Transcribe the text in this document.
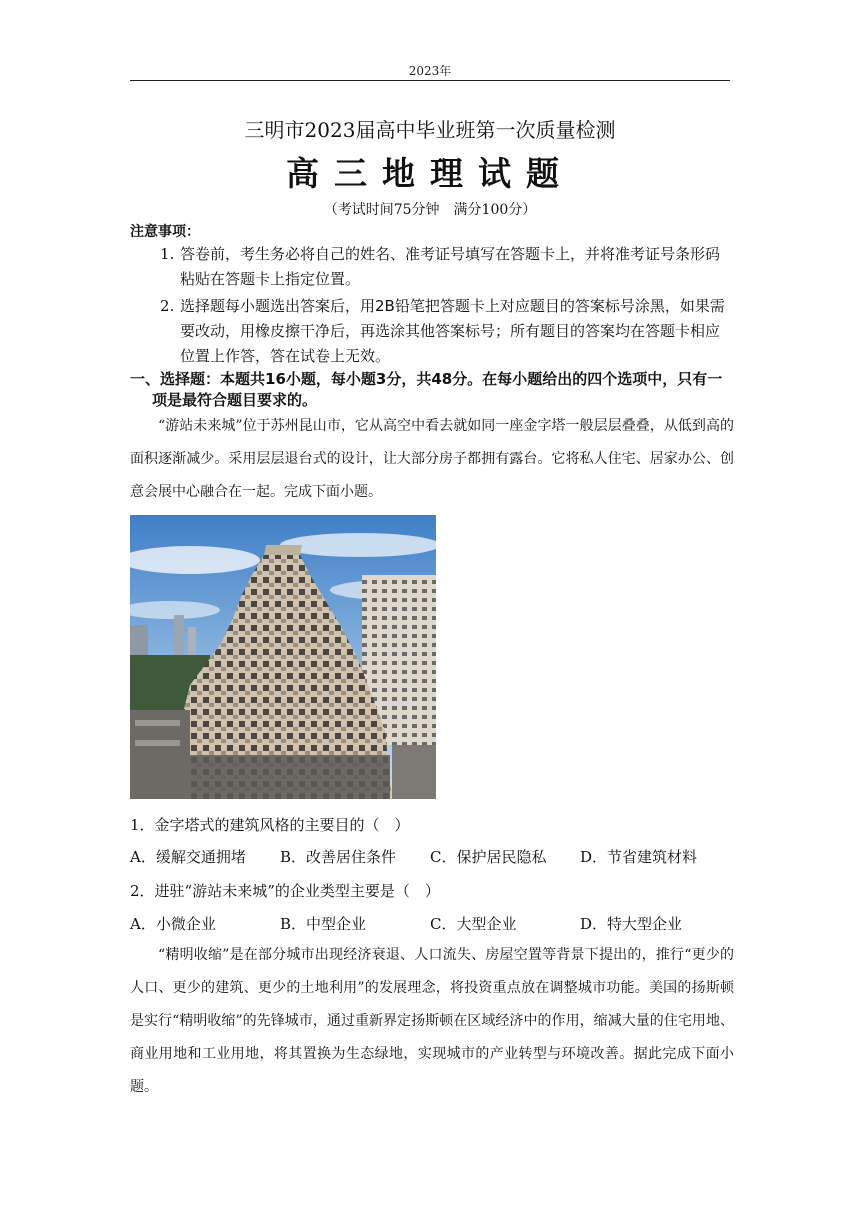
2023年
三明市2023届高中毕业班第一次质量检测
高三地理试题
（考试时间75分钟　满分100分）
注意事项：
1. 答卷前，考生务必将自己的姓名、准考证号填写在答题卡上，并将准考证号条形码粘贴在答题卡上指定位置。
2. 选择题每小题选出答案后，用2B铅笔把答题卡上对应题目的答案标号涂黑，如果需要改动，用橡皮擦干净后，再选涂其他答案标号；所有题目的答案均在答题卡相应位置上作答，答在试卷上无效。
一、选择题：本题共16小题，每小题3分，共48分。在每小题给出的四个选项中，只有一

项是最符合题目要求的。
“游站未来城”位于苏州昆山市，它从高空中看去就如同一座金字塔一般层层叠叠，从低到高的面积逐渐减少。采用层层退台式的设计，让大部分房子都拥有露台。它将私人住宅、居家办公、创意会展中心融合在一起。完成下面小题。
1．金字塔式的建筑风格的主要目的（　）
A．缓解交通拥堵 B．改善居住条件 C．保护居民隐私 D．节省建筑材料
2．进驻“游站未来城”的企业类型主要是（　）
A．小微企业	B．中型企业	C．大型企业	D．特大型企业
“精明收缩”是在部分城市出现经济衰退、人口流失、房屋空置等背景下提出的，推行“更少的人口、更少的建筑、更少的土地利用”的发展理念，将投资重点放在调整城市功能。美国的扬斯顿是实行“精明收缩”的先锋城市，通过重新界定扬斯顿在区域经济中的作用，缩减大量的住宅用地、商业用地和工业用地，将其置换为生态绿地，实现城市的产业转型与环境改善。据此完成下面小题。
